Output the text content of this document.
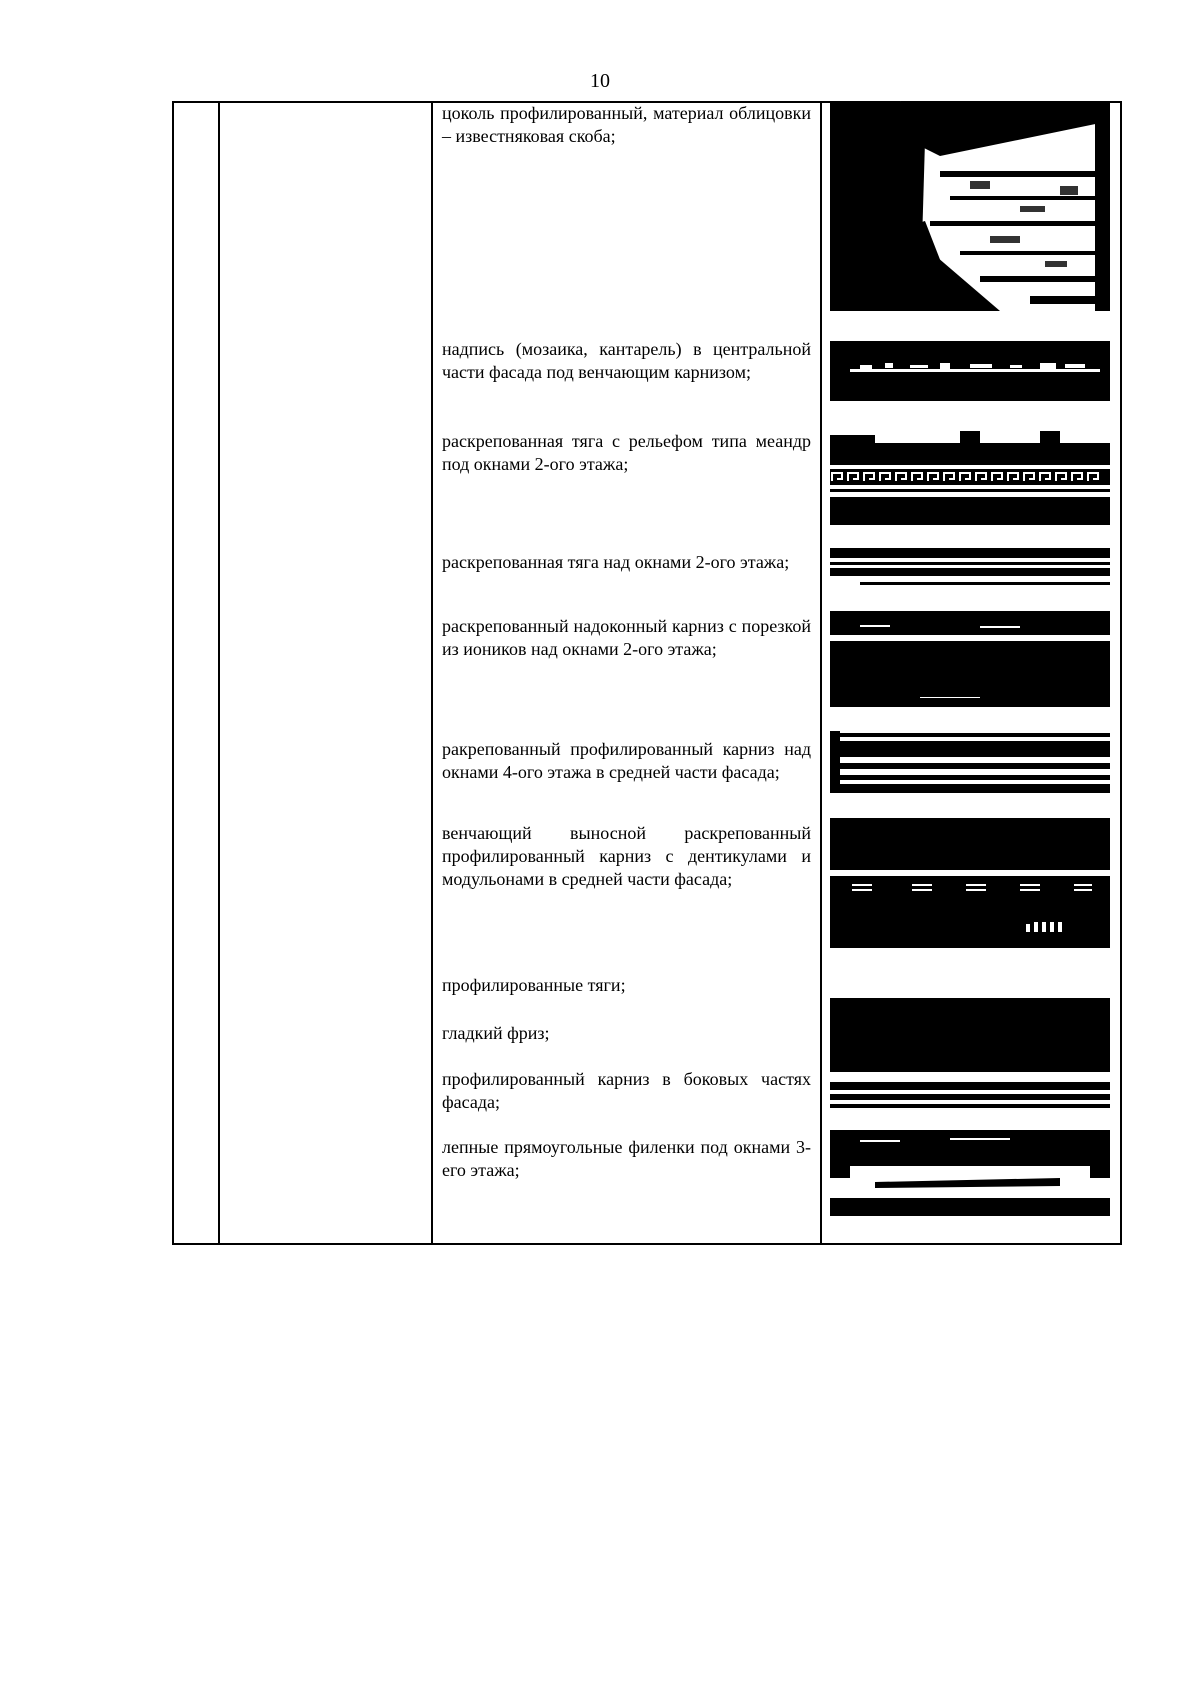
10
цоколь профилированный, материал облицовки – известняковая скоба;
надпись (мозаика, кантарель) в центральной части фасада под венчающим карнизом;
раскрепованная тяга с рельефом типа меандр под окнами 2-ого этажа;
раскрепованная тяга над окнами 2-ого этажа;
раскрепованный надоконный карниз с порезкой из иоников над окнами 2-ого этажа;
ракрепованный профилированный карниз над окнами 4-ого этажа в средней части фасада;
венчающий выносной раскрепованный профилированный карниз с дентикулами и модульонами в средней части фасада;
профилированные тяги;
гладкий фриз;
профилированный карниз в боковых частях фасада;
лепные прямоугольные филенки под окнами 3-его этажа;
